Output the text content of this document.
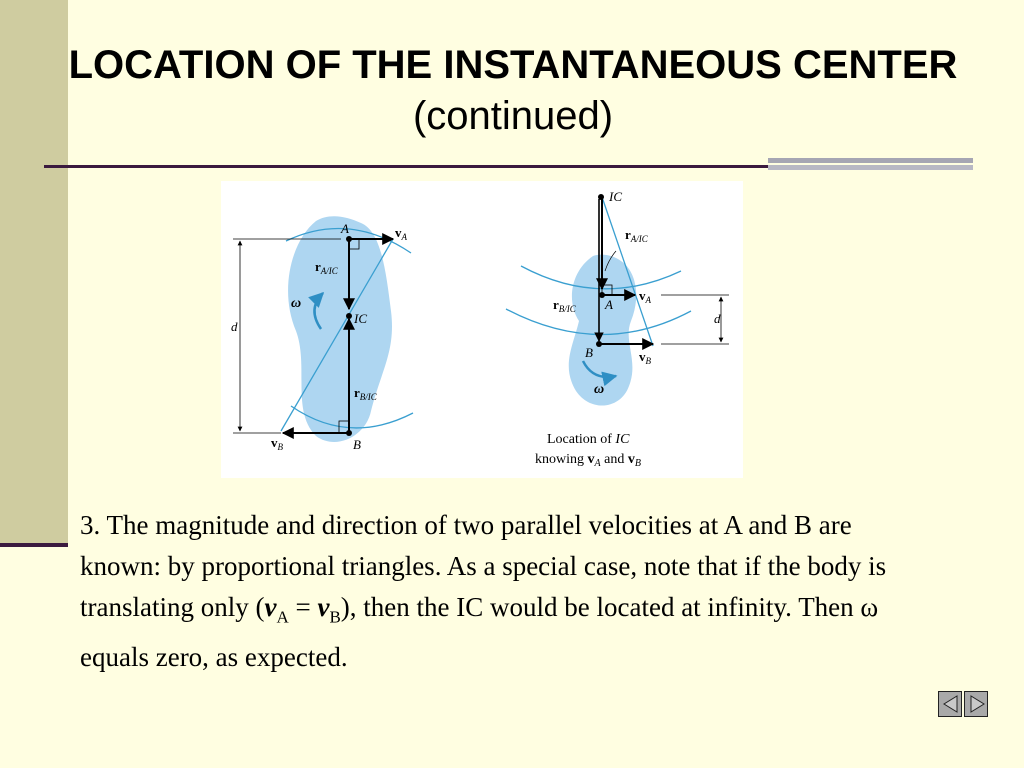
LOCATION OF THE INSTANTANEOUS CENTER (continued)
A	$v_A$
$r_{A/IC}$
ω
IC
d
$r_{B/IC}$
$v_B$	B
IC
$r_{A/IC}$
$r_{B/IC}$ A
$v_A$
d
B	$v_B$
ω
Location of IC
knowing $v_A$ and $v_B$
3. The magnitude and direction of two parallel velocities at A and B are known: by proportional triangles. As a special case, note that if the body is translating only $(v_A = v_B)$, then the IC would be located at infinity. Then ω equals zero, as expected.
